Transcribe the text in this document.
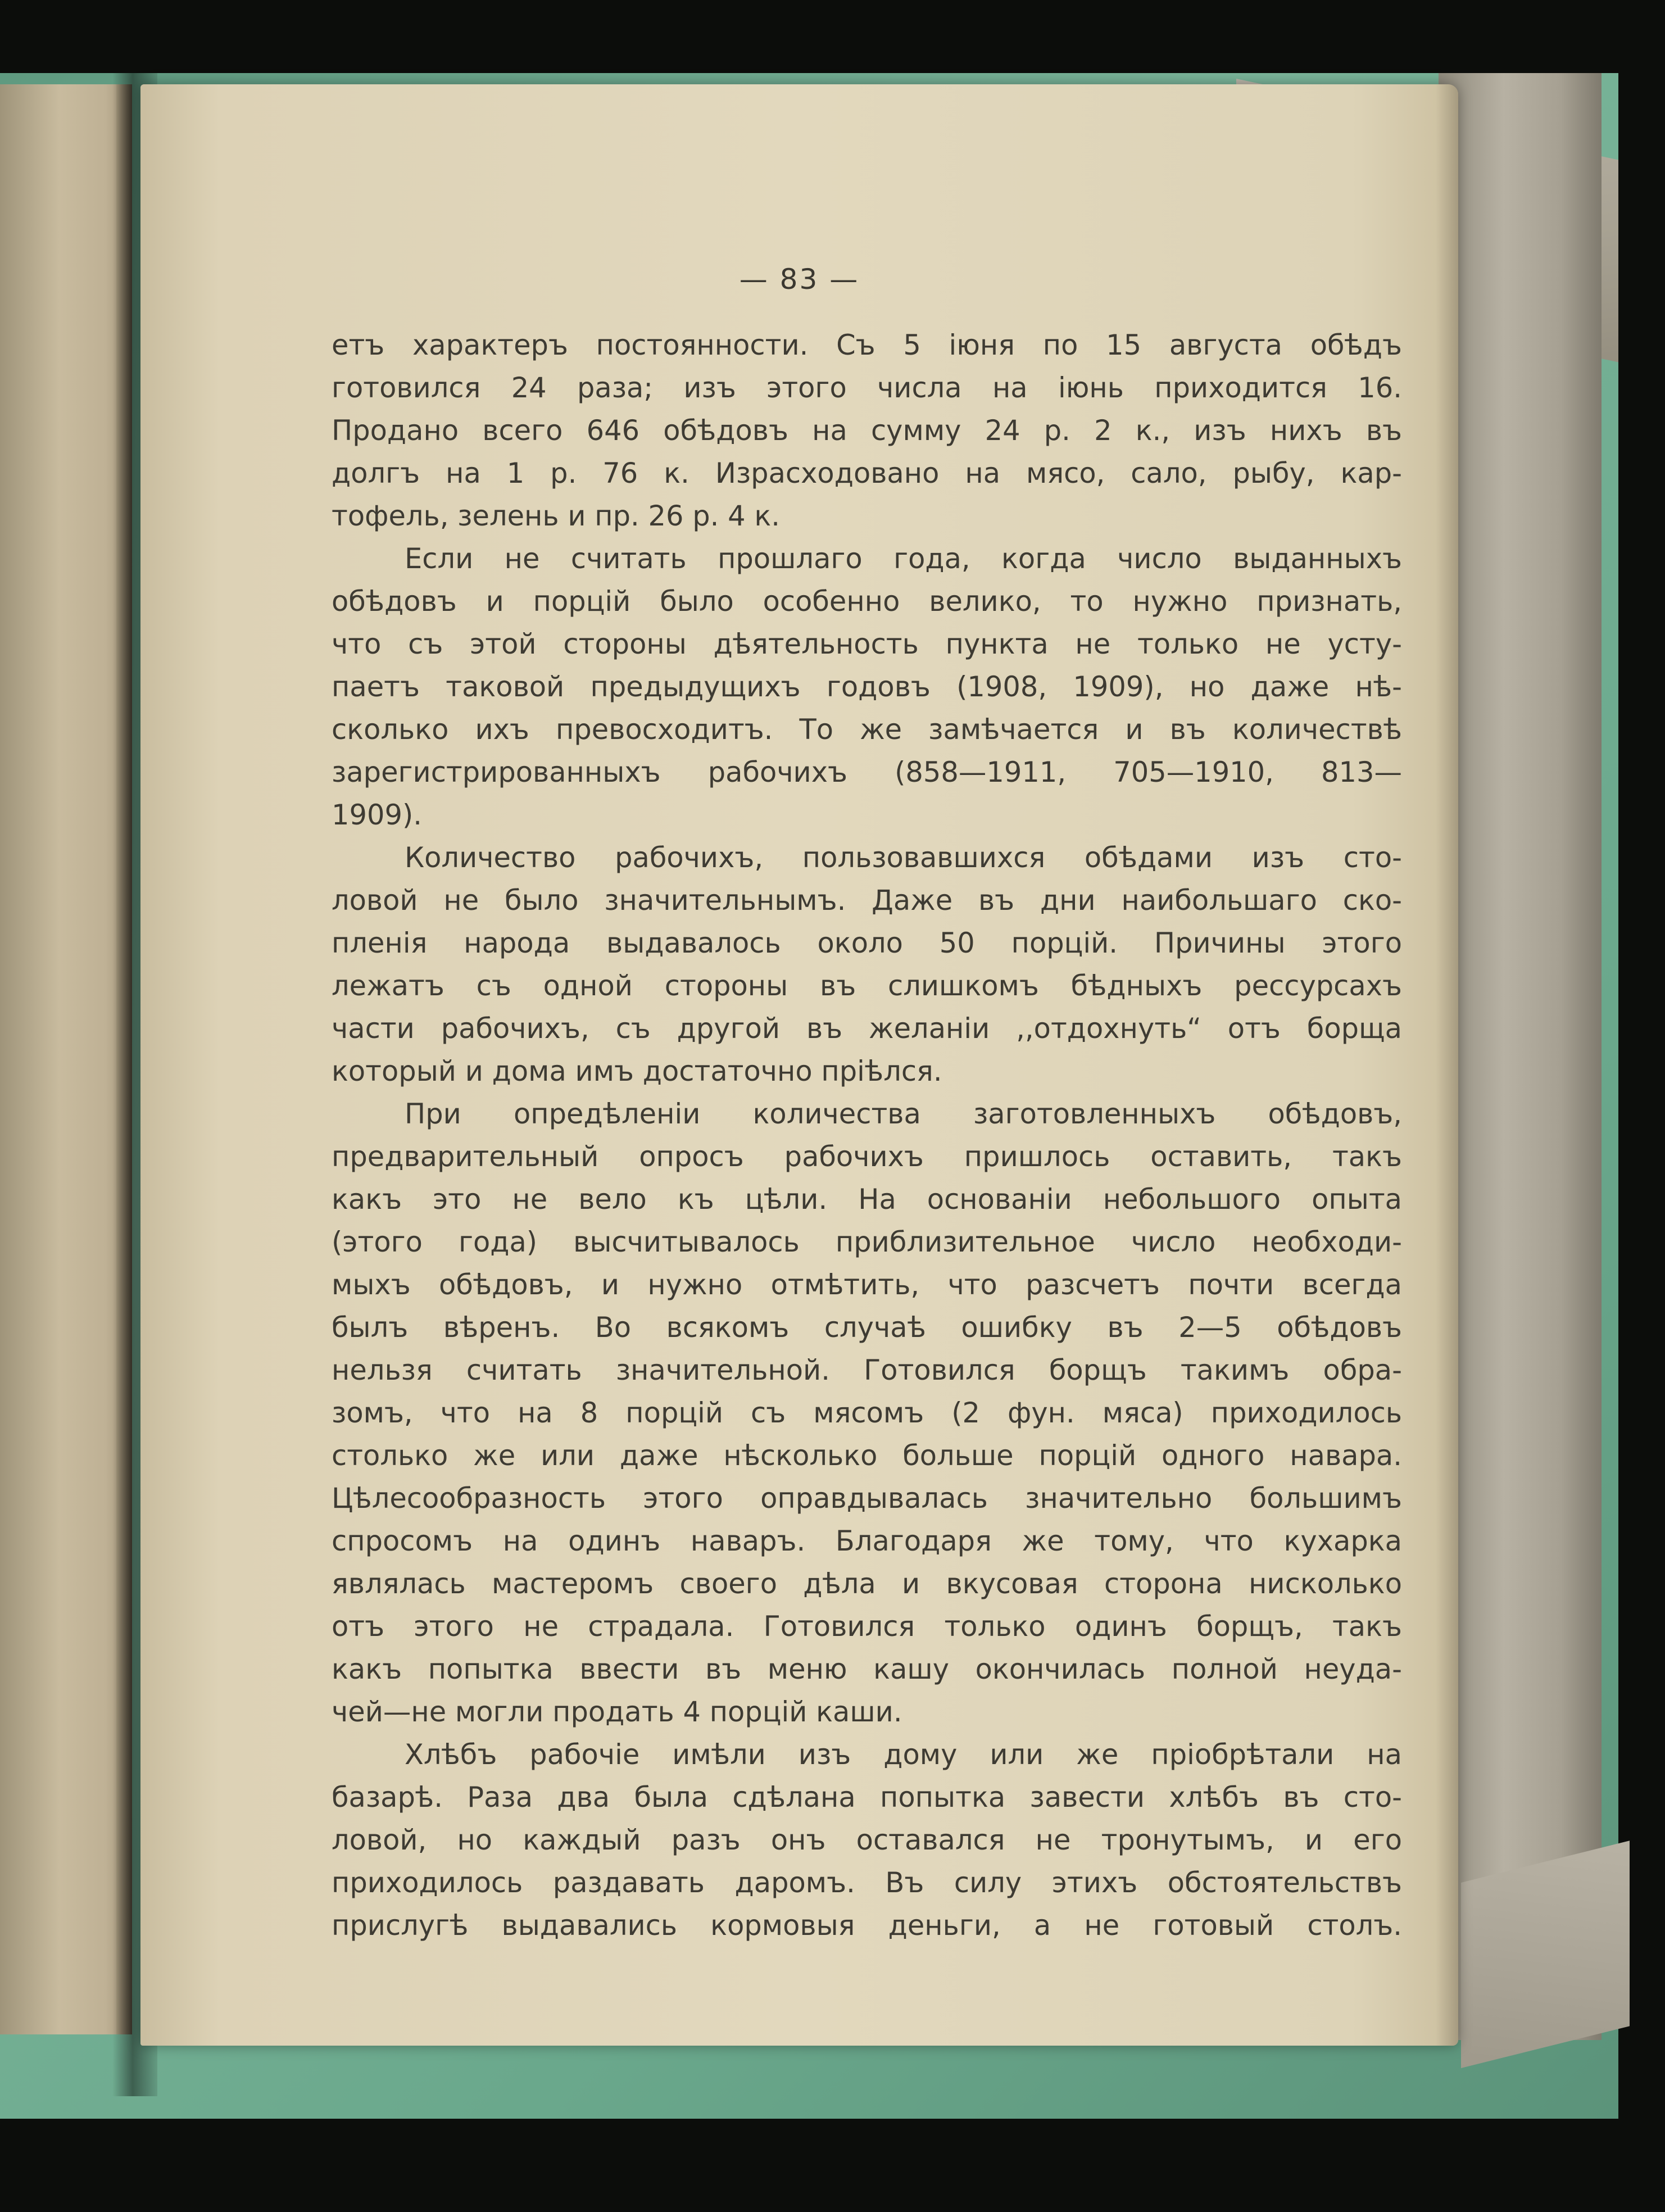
— 83 —

етъ характеръ постоянности. Съ 5 іюня по 15 августа обѣдъ
готовился 24 раза; изъ этого числа на іюнь приходится 16.
Продано всего 646 обѣдовъ на сумму 24 р. 2 к., изъ нихъ въ
долгъ на 1 р. 76 к. Израсходовано на мясо, сало, рыбу, кар-
тофель, зелень и пр. 26 р. 4 к.

Если не считать прошлаго года, когда число выданныхъ
обѣдовъ и порцій было особенно велико, то нужно признать,
что съ этой стороны дѣятельность пункта не только не усту-
паетъ таковой предыдущихъ годовъ (1908, 1909), но даже нѣ-
сколько ихъ превосходитъ. То же замѣчается и въ количествѣ
зарегистрированныхъ рабочихъ (858—1911, 705—1910, 813—
1909).

Количество рабочихъ, пользовавшихся обѣдами изъ сто-
ловой не было значительнымъ. Даже въ дни наибольшаго ско-
пленія народа выдавалось около 50 порцій. Причины этого
лежатъ съ одной стороны въ слишкомъ бѣдныхъ рессурсахъ
части рабочихъ, съ другой въ желаніи ,,отдохнуть“ отъ борща
который и дома имъ достаточно пріѣлся.

При опредѣленіи количества заготовленныхъ обѣдовъ,
предварительный опросъ рабочихъ пришлось оставить, такъ
какъ это не вело къ цѣли. На основаніи небольшого опыта
(этого года) высчитывалось приблизительное число необходи-
мыхъ обѣдовъ, и нужно отмѣтить, что разсчетъ почти всегда
былъ вѣренъ. Во всякомъ случаѣ ошибку въ 2—5 обѣдовъ
нельзя считать значительной. Готовился борщъ такимъ обра-
зомъ, что на 8 порцій съ мясомъ (2 фун. мяса) приходилось
столько же или даже нѣсколько больше порцій одного навара.
Цѣлесообразность этого оправдывалась значительно большимъ
спросомъ на одинъ наваръ. Благодаря же тому, что кухарка
являлась мастеромъ своего дѣла и вкусовая сторона нисколько
отъ этого не страдала. Готовился только одинъ борщъ, такъ
какъ попытка ввести въ меню кашу окончилась полной неуда-
чей—не могли продать 4 порцій каши.

Хлѣбъ рабочіе имѣли изъ дому или же пріобрѣтали на
базарѣ. Раза два была сдѣлана попытка завести хлѣбъ въ сто-
ловой, но каждый разъ онъ оставался не тронутымъ, и его
приходилось раздавать даромъ. Въ силу этихъ обстоятельствъ
прислугѣ выдавались кормовыя деньги, а не готовый столъ.
